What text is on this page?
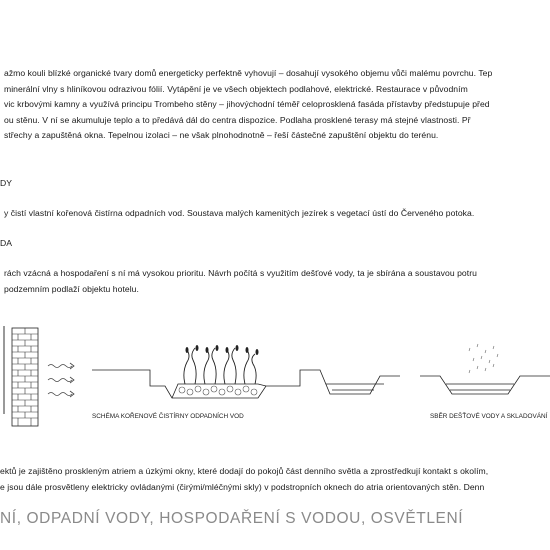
ažmo kouli blízké organické tvary domů energeticky perfektně vyhovují – dosahují vysokého objemu vůči malému povrchu. Tep
minerální vlny s hliníkovou odrazivou fólií. Vytápění je ve všech objektech podlahové, elektrické. Restaurace v původním
vic krbovými kamny a využívá principu Trombeho stěny – jihovýchodní téměř celoprosklená fasáda přístavby předstupuje před
ou stěnu. V ní se akumuluje teplo a to předává dál do centra dispozice. Podlaha prosklené terasy má stejné vlastnosti. Př
střechy a zapuštěná okna. Tepelnou izolaci – ne však plnohodnotně – řeší částečné zapuštění objektu do terénu.
DY
y čistí vlastní kořenová čistírna odpadních vod. Soustava malých kamenitých jezírek s vegetací ústí do Červeného potoka.
DA
rách vzácná a hospodaření s ní má vysokou prioritu. Návrh počítá s využitím dešťové vody, ta je sbírána a soustavou potru
podzemním podlaží objektu hotelu.
SCHÉMA KOŘENOVÉ ČISTÍRNY ODPADNÍCH VOD	SBĚR DEŠŤOVÉ VODY A SKLADOVÁNÍ
ektů je zajištěno proskleným atriem a úzkými okny, které dodají do pokojů část denního světla a zprostředkují kontakt s okolím,
e jsou dále prosvětleny elektricky ovládanými (čirými/mléčnými skly) v podstropních oknech do atria orientovaných stěn. Denn
NÍ, ODPADNÍ VODY, HOSPODAŘENÍ S VODOU, OSVĚTLENÍ
